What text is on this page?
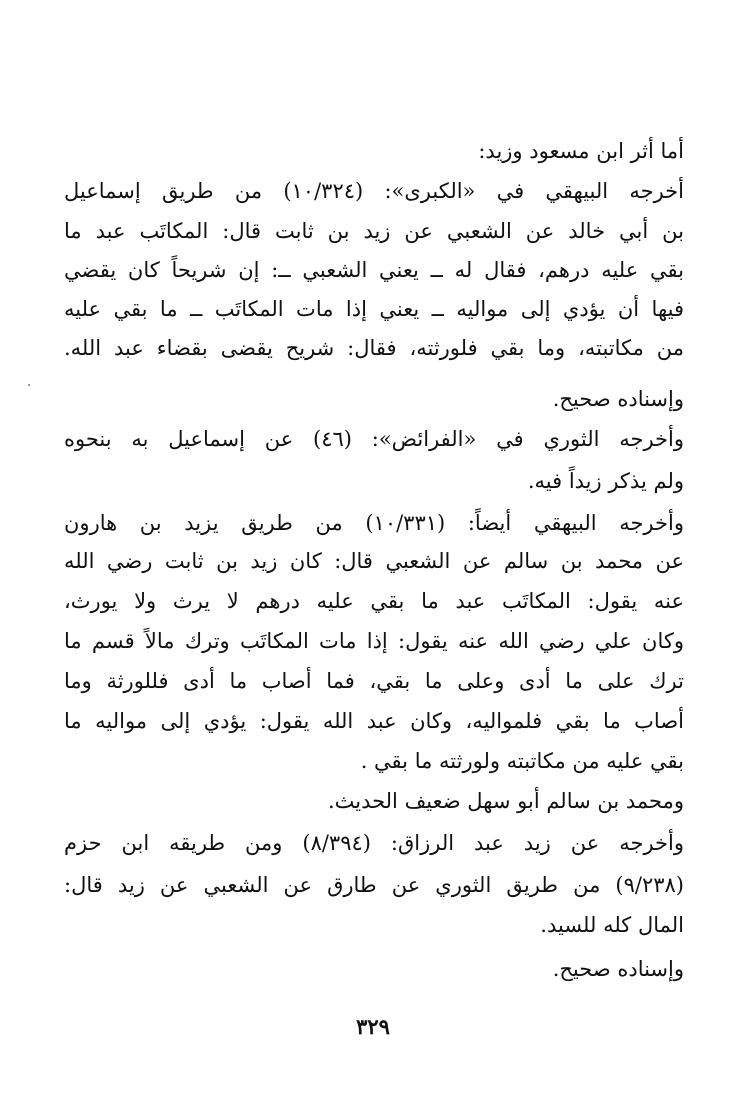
أما أثر ابن مسعود وزيد:
أخرجه البيهقي في «الكبرى»: (١٠/٣٢٤) من طريق إسماعيل
بن أبي خالد عن الشعبي عن زيد بن ثابت قال: المكاتَب عبد ما
بقي عليه درهم، فقال له ــ يعني الشعبي ــ: إن شريحاً كان يقضي
فيها أن يؤدي إلى مواليه ــ يعني إذا مات المكاتَب ــ ما بقي عليه
من مكاتبته، وما بقي فلورثته، فقال: شريح يقضى بقضاء عبد الله.
وإسناده صحيح.
وأخرجه الثوري في «الفرائض»: (٤٦) عن إسماعيل به بنحوه
ولم يذكر زيداً فيه.
وأخرجه البيهقي أيضاً: (١٠/٣٣١) من طريق يزيد بن هارون
عن محمد بن سالم عن الشعبي قال: كان زيد بن ثابت رضي الله
عنه يقول: المكاتَب عبد ما بقي عليه درهم لا يرث ولا يورث،
وكان علي رضي الله عنه يقول: إذا مات المكاتَب وترك مالاً قسم ما
ترك على ما أدى وعلى ما بقي، فما أصاب ما أدى فللورثة وما
أصاب ما بقي فلمواليه، وكان عبد الله يقول: يؤدي إلى مواليه ما
بقي عليه من مكاتبته ولورثته ما بقي .
ومحمد بن سالم أبو سهل ضعيف الحديث.
وأخرجه عن زيد عبد الرزاق: (٨/٣٩٤) ومن طريقه ابن حزم
(٩/٢٣٨) من طريق الثوري عن طارق عن الشعبي عن زيد قال:
المال كله للسيد.
وإسناده صحيح.
٣٢٩
